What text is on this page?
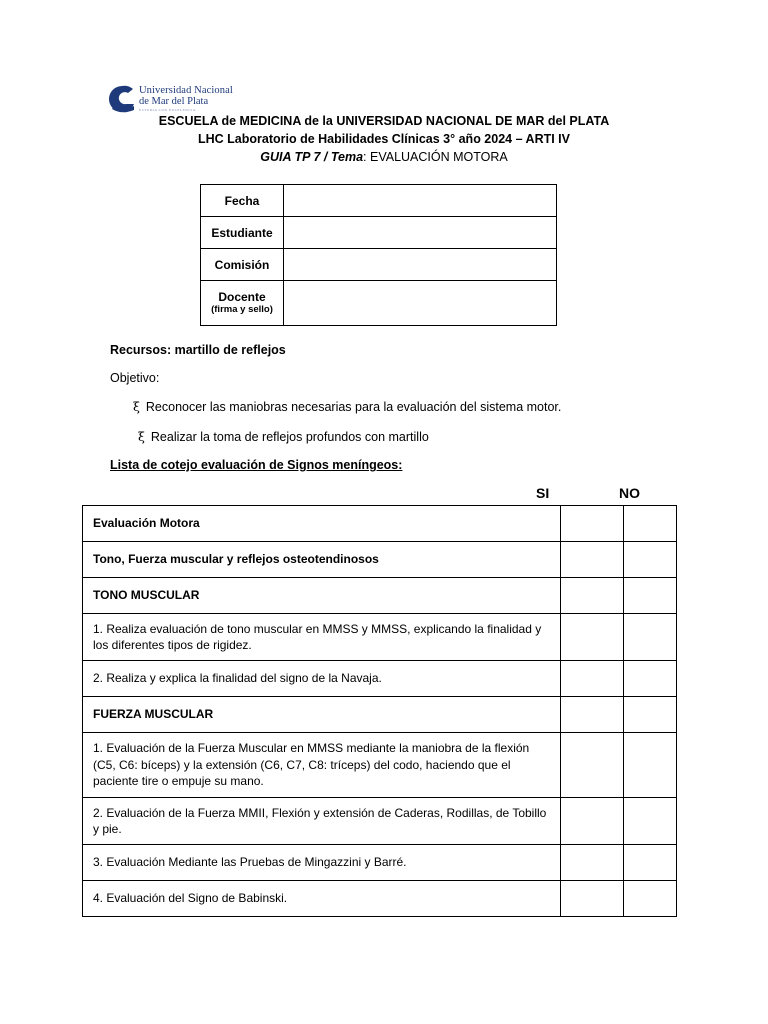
Universidad Nacional
de Mar del Plata
ESTUDIA CON EXCELENCIA
ESCUELA de MEDICINA de la UNIVERSIDAD NACIONAL DE MAR del PLATA
LHC Laboratorio de Habilidades Clínicas 3° año 2024 – ARTI IV
GUIA TP 7 / Tema: EVALUACIÓN MOTORA
Fecha	
Estudiante	
Comisión	
Docente
(firma y sello)	

Recursos: martillo de reflejos
Objetivo:
ξ Reconocer las maniobras necesarias para la evaluación del sistema motor.
ξ Realizar la toma de reflejos profundos con martillo
Lista de cotejo evaluación de Signos meníngeos:
SI	NO
Evaluación Motora		
Tono, Fuerza muscular y reflejos osteotendinosos		
TONO MUSCULAR		
1. Realiza evaluación de tono muscular en MMSS y MMSS, explicando la finalidad y los diferentes tipos de rigidez.		
2. Realiza y explica la finalidad del signo de la Navaja.		
FUERZA MUSCULAR		
1. Evaluación de la Fuerza Muscular en MMSS mediante la maniobra de la flexión (C5, C6: bíceps) y la extensión (C6, C7, C8: tríceps) del codo, haciendo que el paciente tire o empuje su mano.		
2. Evaluación de la Fuerza MMII, Flexión y extensión de Caderas, Rodillas, de Tobillo y pie.		
3. Evaluación Mediante las Pruebas de Mingazzini y Barré.		
4. Evaluación del Signo de Babinski.		
